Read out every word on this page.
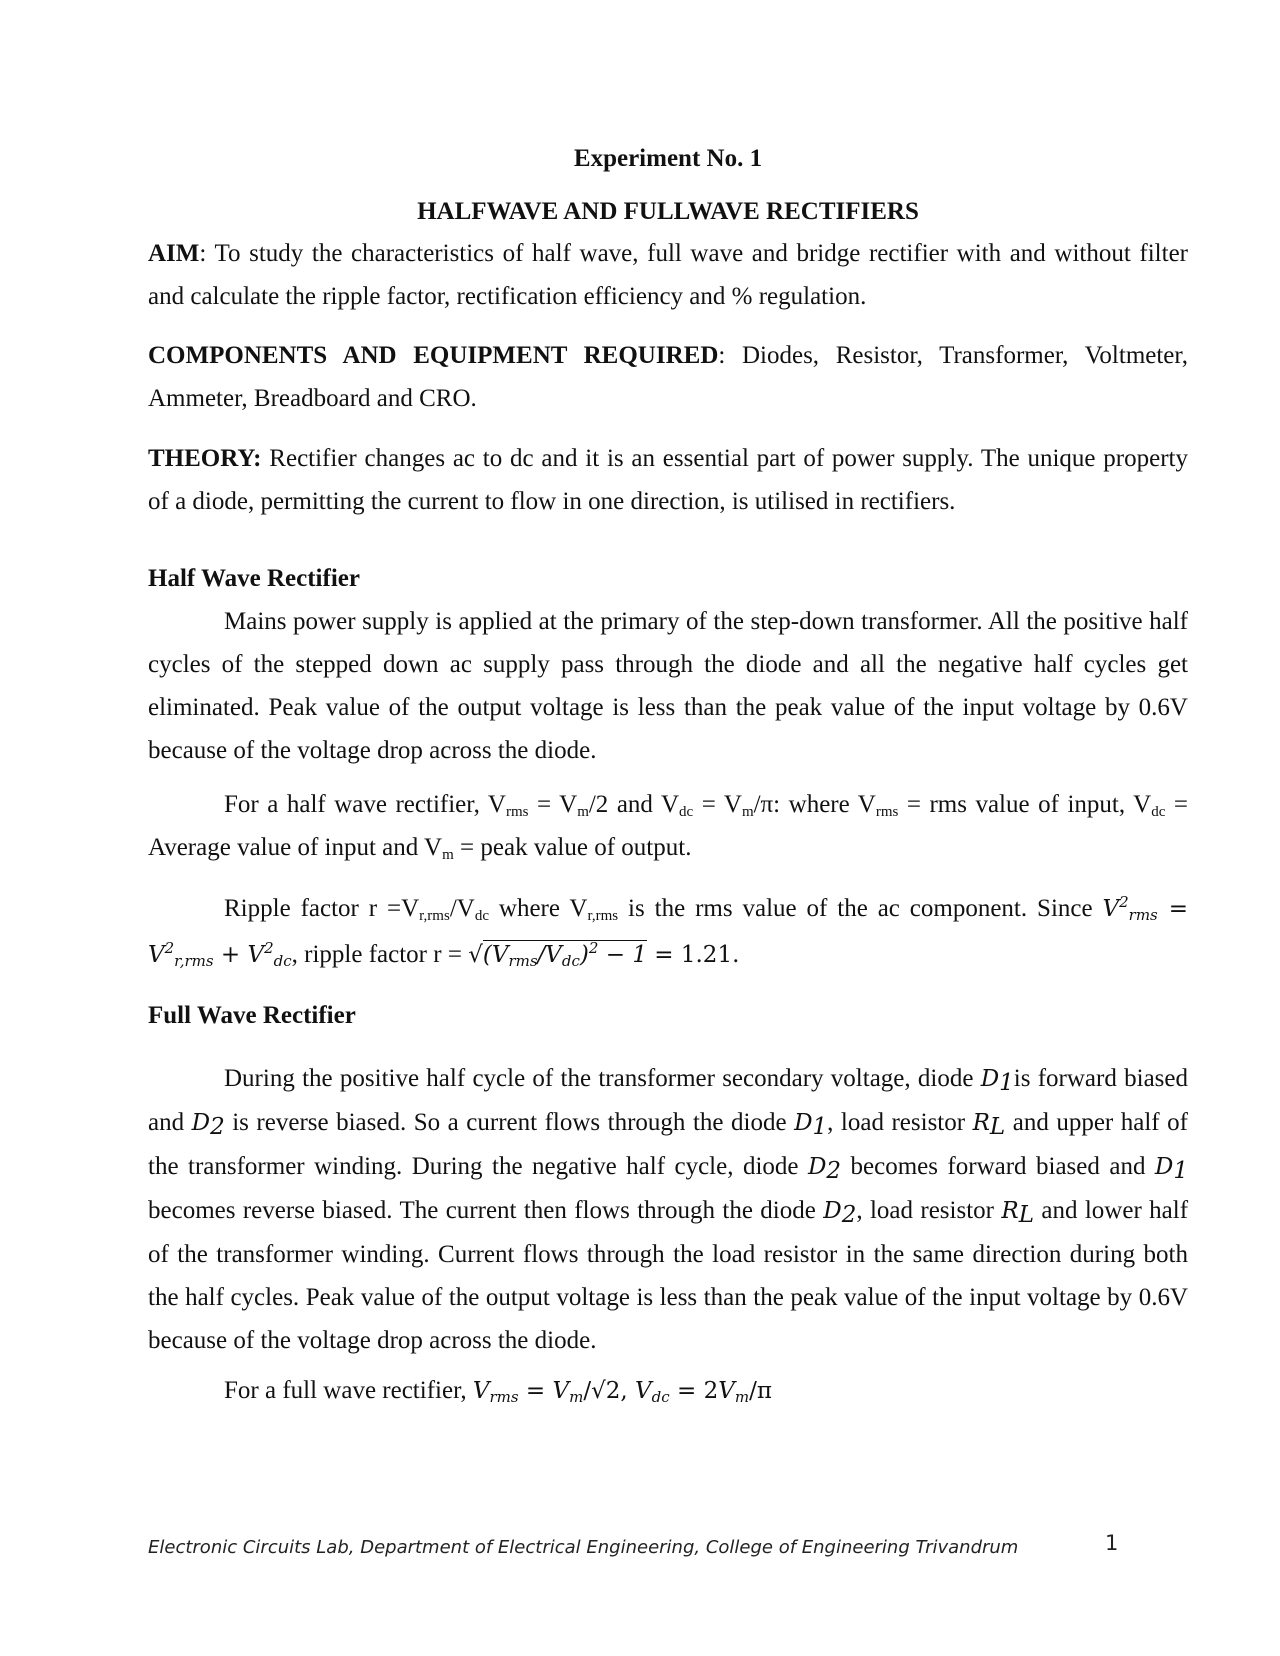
Experiment No. 1
HALFWAVE AND FULLWAVE RECTIFIERS
AIM: To study the characteristics of half wave, full wave and bridge rectifier with and without filter and calculate the ripple factor, rectification efficiency and % regulation.
COMPONENTS AND EQUIPMENT REQUIRED: Diodes, Resistor, Transformer, Voltmeter, Ammeter, Breadboard and CRO.
THEORY: Rectifier changes ac to dc and it is an essential part of power supply. The unique property of a diode, permitting the current to flow in one direction, is utilised in rectifiers.
Half Wave Rectifier
Mains power supply is applied at the primary of the step-down transformer. All the positive half cycles of the stepped down ac supply pass through the diode and all the negative half cycles get eliminated. Peak value of the output voltage is less than the peak value of the input voltage by 0.6V because of the voltage drop across the diode.
For a half wave rectifier, $V_{rms} = V_m/2$ and $V_{dc} = V_m/\pi$: where $V_{rms}$ = rms value of input, $V_{dc}$ = Average value of input and $V_m$ = peak value of output.
Ripple factor $r =V_{r,rms}/V_{dc}$ where $V_{r,rms}$ is the rms value of the ac component. Since $V^2_{rms} = V^2_{r,rms} + V^2_{dc}$, ripple factor $r = √(V_{rms}/V_{dc})^2 - 1 = 1.21$.
Full Wave Rectifier
During the positive half cycle of the transformer secondary voltage, diode $D_1is$ forward biased and $D_2$ is reverse biased. So a current flows through the diode $D_1$, load resistor $R_L$ and upper half of the transformer winding. During the negative half cycle, diode $D_2$ becomes forward biased and $D_1$ becomes reverse biased. The current then flows through the diode $D_2$, load resistor $R_L$ and lower half of the transformer winding. Current flows through the load resistor in the same direction during both the half cycles. Peak value of the output voltage is less than the peak value of the input voltage by 0.6V because of the voltage drop across the diode.
For a full wave rectifier, $V_{rms} = V_m/√2$, $V_{dc} = 2V_m/\pi$
Electronic Circuits Lab, Department of Electrical Engineering, College of Engineering Trivandrum	1
